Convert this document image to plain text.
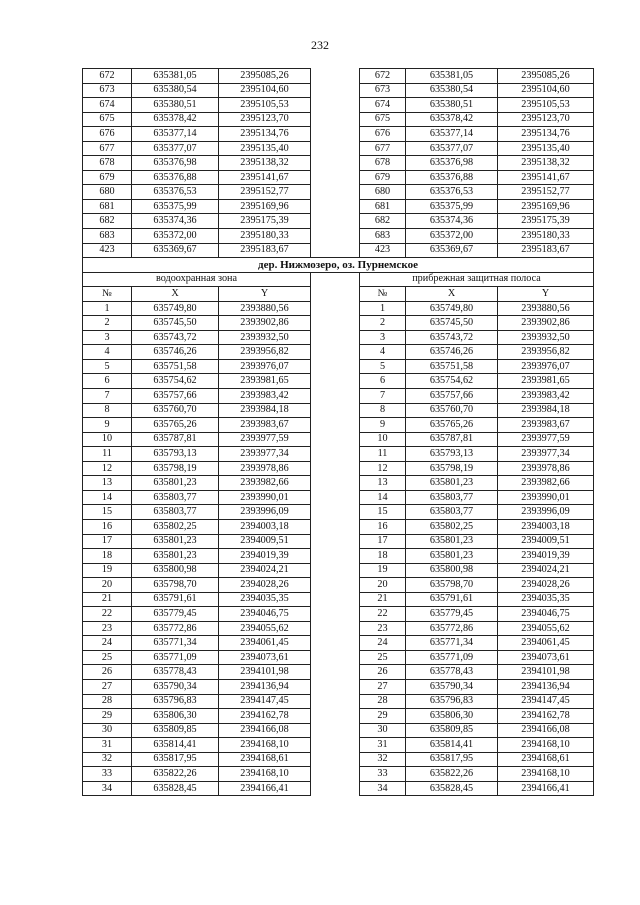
232
672	635381,05	2395085,26		672	635381,05	2395085,26
673	635380,54	2395104,60		673	635380,54	2395104,60
674	635380,51	2395105,53		674	635380,51	2395105,53
675	635378,42	2395123,70		675	635378,42	2395123,70
676	635377,14	2395134,76		676	635377,14	2395134,76
677	635377,07	2395135,40		677	635377,07	2395135,40
678	635376,98	2395138,32		678	635376,98	2395138,32
679	635376,88	2395141,67		679	635376,88	2395141,67
680	635376,53	2395152,77		680	635376,53	2395152,77
681	635375,99	2395169,96		681	635375,99	2395169,96
682	635374,36	2395175,39		682	635374,36	2395175,39
683	635372,00	2395180,33		683	635372,00	2395180,33
423	635369,67	2395183,67		423	635369,67	2395183,67
дер. Нижмозеро, оз. Пурнемское						
водоохранная зона				прибрежная защитная полоса		
№	X	Y		№	X	Y
1	635749,80	2393880,56		1	635749,80	2393880,56
2	635745,50	2393902,86		2	635745,50	2393902,86
3	635743,72	2393932,50		3	635743,72	2393932,50
4	635746,26	2393956,82		4	635746,26	2393956,82
5	635751,58	2393976,07		5	635751,58	2393976,07
6	635754,62	2393981,65		6	635754,62	2393981,65
7	635757,66	2393983,42		7	635757,66	2393983,42
8	635760,70	2393984,18		8	635760,70	2393984,18
9	635765,26	2393983,67		9	635765,26	2393983,67
10	635787,81	2393977,59		10	635787,81	2393977,59
11	635793,13	2393977,34		11	635793,13	2393977,34
12	635798,19	2393978,86		12	635798,19	2393978,86
13	635801,23	2393982,66		13	635801,23	2393982,66
14	635803,77	2393990,01		14	635803,77	2393990,01
15	635803,77	2393996,09		15	635803,77	2393996,09
16	635802,25	2394003,18		16	635802,25	2394003,18
17	635801,23	2394009,51		17	635801,23	2394009,51
18	635801,23	2394019,39		18	635801,23	2394019,39
19	635800,98	2394024,21		19	635800,98	2394024,21
20	635798,70	2394028,26		20	635798,70	2394028,26
21	635791,61	2394035,35		21	635791,61	2394035,35
22	635779,45	2394046,75		22	635779,45	2394046,75
23	635772,86	2394055,62		23	635772,86	2394055,62
24	635771,34	2394061,45		24	635771,34	2394061,45
25	635771,09	2394073,61		25	635771,09	2394073,61
26	635778,43	2394101,98		26	635778,43	2394101,98
27	635790,34	2394136,94		27	635790,34	2394136,94
28	635796,83	2394147,45		28	635796,83	2394147,45
29	635806,30	2394162,78		29	635806,30	2394162,78
30	635809,85	2394166,08		30	635809,85	2394166,08
31	635814,41	2394168,10		31	635814,41	2394168,10
32	635817,95	2394168,61		32	635817,95	2394168,61
33	635822,26	2394168,10		33	635822,26	2394168,10
34	635828,45	2394166,41		34	635828,45	2394166,41
